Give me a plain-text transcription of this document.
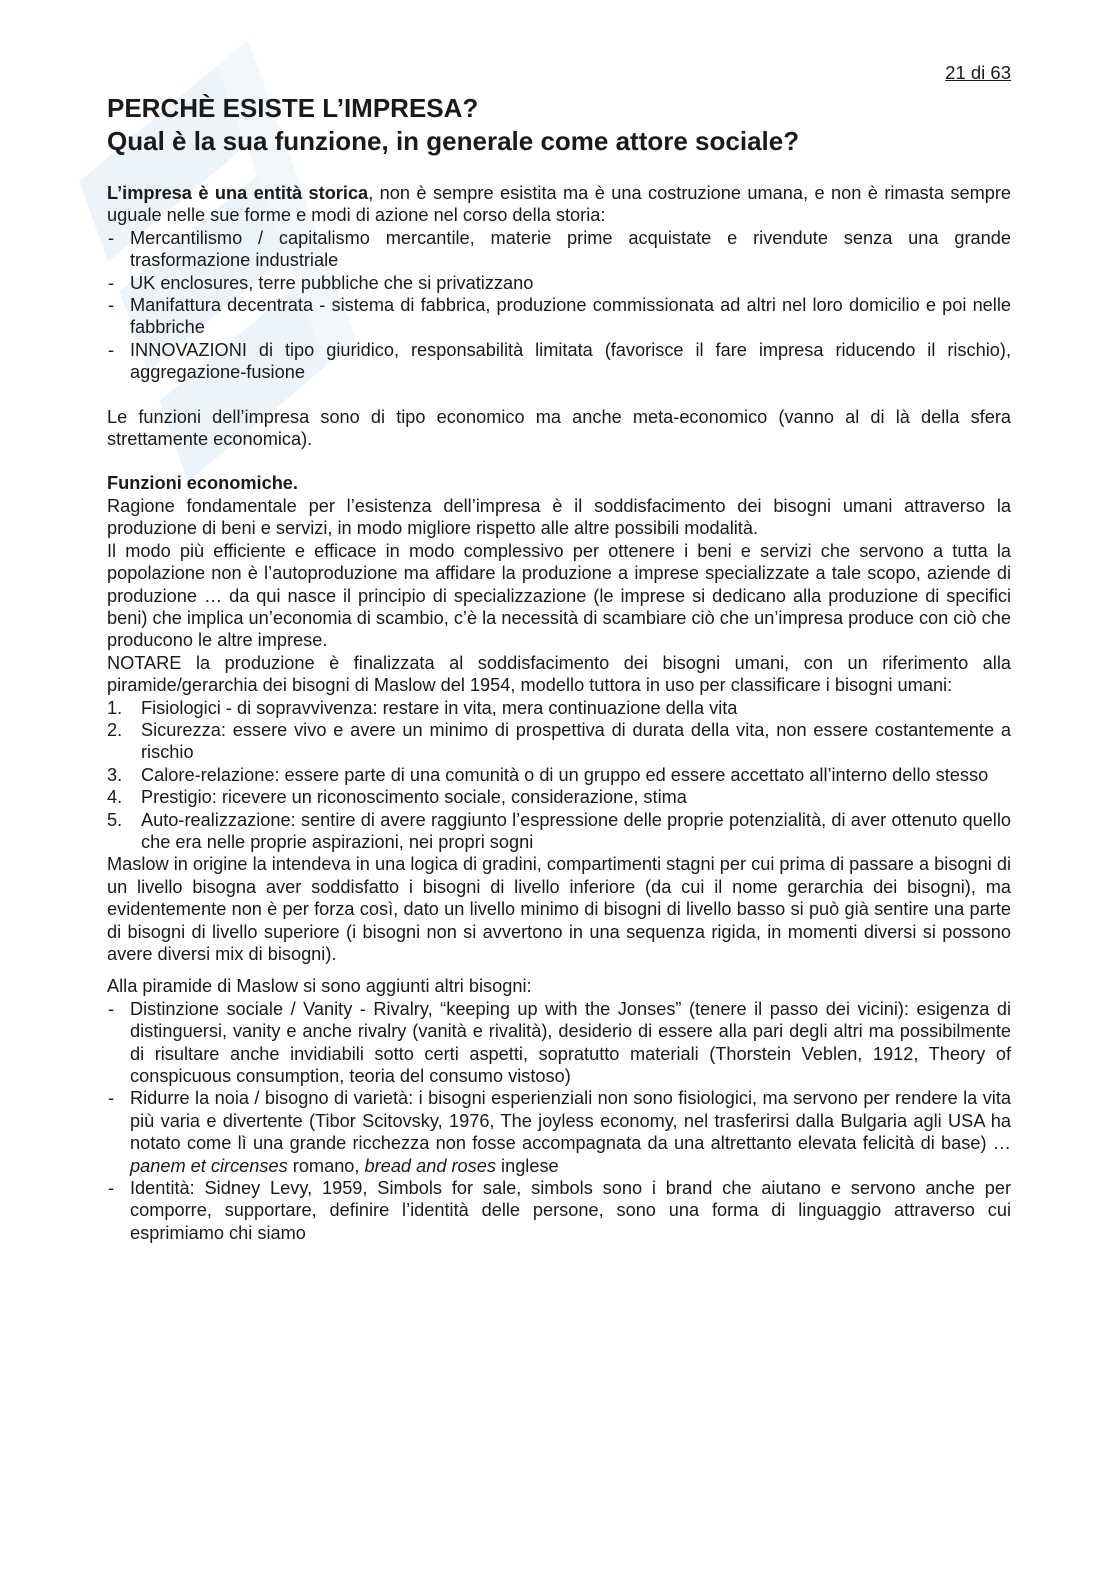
21 di 63
PERCHÈ ESISTE L’IMPRESA?
Qual è la sua funzione, in generale come attore sociale?

L’impresa è una entità storica, non è sempre esistita ma è una costruzione umana, e non è rimasta sempre uguale nelle sue forme e modi di azione nel corso della storia:

- Mercantilismo / capitalismo mercantile, materie prime acquistate e rivendute senza una grande trasformazione industriale
- UK enclosures, terre pubbliche che si privatizzano
- Manifattura decentrata - sistema di fabbrica, produzione commissionata ad altri nel loro domicilio e poi nelle fabbriche
- INNOVAZIONI di tipo giuridico, responsabilità limitata (favorisce il fare impresa riducendo il rischio), aggregazione-fusione

Le funzioni dell’impresa sono di tipo economico ma anche meta-economico (vanno al di là della sfera strettamente economica).

Funzioni economiche.

Ragione fondamentale per l’esistenza dell’impresa è il soddisfacimento dei bisogni umani attraverso la produzione di beni e servizi, in modo migliore rispetto alle altre possibili modalità.

Il modo più efficiente e efficace in modo complessivo per ottenere i beni e servizi che servono a tutta la popolazione non è l’autoproduzione ma affidare la produzione a imprese specializzate a tale scopo, aziende di produzione … da qui nasce il principio di specializzazione (le imprese si dedicano alla produzione di specifici beni) che implica un’economia di scambio, c’è la necessità di scambiare ciò che un’impresa produce con ciò che producono le altre imprese.

NOTARE la produzione è finalizzata al soddisfacimento dei bisogni umani, con un riferimento alla piramide/gerarchia dei bisogni di Maslow del 1954, modello tuttora in uso per classificare i bisogni umani:

1. Fisiologici - di sopravvivenza: restare in vita, mera continuazione della vita
2. Sicurezza: essere vivo e avere un minimo di prospettiva di durata della vita, non essere costantemente a rischio
3. Calore-relazione: essere parte di una comunità o di un gruppo ed essere accettato all’interno dello stesso
4. Prestigio: ricevere un riconoscimento sociale, considerazione, stima
5. Auto-realizzazione: sentire di avere raggiunto l’espressione delle proprie potenzialità, di aver ottenuto quello che era nelle proprie aspirazioni, nei propri sogni

Maslow in origine la intendeva in una logica di gradini, compartimenti stagni per cui prima di passare a bisogni di un livello bisogna aver soddisfatto i bisogni di livello inferiore (da cui il nome gerarchia dei bisogni), ma evidentemente non è per forza così, dato un livello minimo di bisogni di livello basso si può già sentire una parte di bisogni di livello superiore (i bisogni non si avvertono in una sequenza rigida, in momenti diversi si possono avere diversi mix di bisogni).

Alla piramide di Maslow si sono aggiunti altri bisogni:

- Distinzione sociale / Vanity - Rivalry, “keeping up with the Jonses” (tenere il passo dei vicini): esigenza di distinguersi, vanity e anche rivalry (vanità e rivalità), desiderio di essere alla pari degli altri ma possibilmente di risultare anche invidiabili sotto certi aspetti, sopratutto materiali (Thorstein Veblen, 1912, Theory of conspicuous consumption, teoria del consumo vistoso)
- Ridurre la noia / bisogno di varietà: i bisogni esperienziali non sono fisiologici, ma servono per rendere la vita più varia e divertente (Tibor Scitovsky, 1976, The joyless economy, nel trasferirsi dalla Bulgaria agli USA ha notato come lì una grande ricchezza non fosse accompagnata da una altrettanto elevata felicità di base) … panem et circenses romano, bread and roses inglese
- Identità: Sidney Levy, 1959, Simbols for sale, simbols sono i brand che aiutano e servono anche per comporre, supportare, definire l’identità delle persone, sono una forma di linguaggio attraverso cui esprimiamo chi siamo
